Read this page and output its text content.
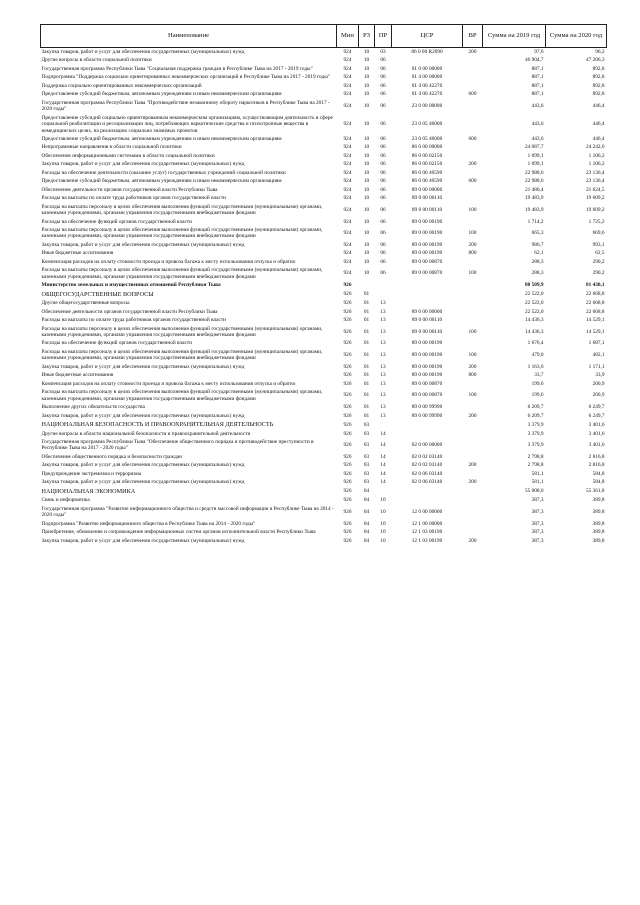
Наименование	Мин	РЗ	ПР	ЦСР	ВР	Сумма на 2019 год	Сумма на 2020 год
Закупка товаров, работ и услуг для обеспечения государственных (муниципальных) нужд	924	10	03	86 0 00 R2090	200	97,6	96,2
Другие вопросы в области социальной политики	924	10	06			46 904,7	47 206,3
Государственная программа Республики Тыва "Социальная поддержка граждан в Республике Тыва на 2017 - 2019 годы"	924	10	06	01 0 00 00000		887,1	892,8
Подпрограмма "Поддержка социально ориентированных некоммерческих организаций в Республике Тыва на 2017 - 2019 годы"	924	10	06	01 4 00 00000		887,1	892,8
Поддержка социально ориентированных некоммерческих организаций	924	10	06	01 4 00 42270		887,1	892,8
Предоставление субсидий бюджетным, автономным учреждениям и иным некоммерческим организациям	924	10	06	01 4 00 42270	600	887,1	892,8
Государственная программа Республики Тыва "Противодействие незаконному обороту наркотиков в Республике Тыва на 2017 - 2020 годы"	924	10	06	23 0 00 00000		443,6	446,4
Предоставление субсидий социально ориентированным некоммерческим организациям, осуществляющим деятельность в сфере социальной реабилитации и ресоциализации лиц, потребляющих наркотические средства и психотропные вещества в немедицинских целях, на реализацию социально значимых проектов	924	10	06	23 0 05 46000		443,6	446,4
Предоставление субсидий бюджетным, автономным учреждениям и иным некоммерческим организациям	924	10	06	23 0 05 46000	600	443,6	446,4
Непрограммные направления в области социальной политики	924	10	06	86 0 00 00000		24 087,7	24 242,6
Обеспечение информационными системами в области социальной политики	924	10	06	86 0 00 02150		1 099,1	1 106,2
Закупка товаров, работ и услуг для обеспечения государственных (муниципальных) нужд	924	10	06	86 0 00 02150	200	1 099,1	1 106,2
Расходы на обеспечение деятельности (оказание услуг) государственных учреждений социальной политики	924	10	06	86 0 00 40590		22 988,6	23 136,4
Предоставление субсидий бюджетным, автономным учреждениям и иным некоммерческим организациям	924	10	06	86 0 00 40590	600	22 988,6	23 136,4
Обеспечение деятельности органов государственной власти Республики Тыва	924	10	06	89 0 00 00000		21 480,4	21 624,5
Расходы на выплаты по оплате труда работников органов государственной власти	924	10	06	89 0 00 00110		19 483,9	19 609,2
Расходы на выплаты персоналу в целях обеспечения выполнения функций государственными (муниципальными) органами, казенными учреждениями, органами управления государственными внебюджетными фондами	924	10	06	89 0 00 00110	100	19 483,9	19 609,2
Расходы на обеспечение функций органов государственной власти	924	10	06	89 0 00 00190		1 714,2	1 725,2
Расходы на выплаты персоналу в целях обеспечения выполнения функций государственными (муниципальными) органами, казенными учреждениями, органами управления государственными внебюджетными фондами	924	10	06	89 0 00 00190	100	665,3	669,6
Закупка товаров, работ и услуг для обеспечения государственных (муниципальных) нужд	924	10	06	89 0 00 00190	200	986,7	993,1
Иные бюджетные ассигнования	924	10	06	89 0 00 00190	800	62,1	62,5
Компенсация расходов на оплату стоимости проезда и провоза багажа к месту использования отпуска и обратно	924	10	06	89 0 00 00870		288,3	290,2
Расходы на выплаты персоналу в целях обеспечения выполнения функций государственными (муниципальными) органами, казенными учреждениями, органами управления государственными внебюджетными фондами	924	10	06	89 0 00 00870	100	288,3	290,2
Министерство земельных и имущественных отношений Республики Тыва	926					80 509,9	81 430,1
ОБЩЕГОСУДАРСТВЕННЫЕ ВОПРОСЫ	926	01				22 522,0	22 668,8
Другие общегосударственные вопросы	926	01	13			22 522,0	22 668,8
Обеспечение деятельности органов государственной власти Республики Тыва	926	01	13	89 0 00 00000		22 522,0	22 668,8
Расходы на выплаты по оплате труда работников органов государственной власти	926	01	13	89 0 00 00110		14 436,3	14 529,1
Расходы на выплаты персоналу в целях обеспечения выполнения функций государственными (муниципальными) органами, казенными учреждениями, органами управления государственными внебюджетными фондами	926	01	13	89 0 00 00110	100	14 436,3	14 529,1
Расходы на обеспечение функций органов государственной власти	926	01	13	89 0 00 00190		1 676,4	1 687,1
Расходы на выплаты персоналу в целях обеспечения выполнения функций государственными (муниципальными) органами, казенными учреждениями, органами управления государственными внебюджетными фондами	926	01	13	89 0 00 00190	100	479,0	482,1
Закупка товаров, работ и услуг для обеспечения государственных (муниципальных) нужд	926	01	13	89 0 00 00190	200	1 163,6	1 171,1
Иные бюджетные ассигнования	926	01	13	89 0 00 00190	800	33,7	33,9
Компенсация расходов на оплату стоимости проезда и провоза багажа к месту использования отпуска и обратно	926	01	13	89 0 00 00870		199,6	200,9
Расходы на выплаты персоналу в целях обеспечения выполнения функций государственными (муниципальными) органами, казенными учреждениями, органами управления государственными внебюджетными фондами	926	01	13	89 0 00 00870	100	199,6	200,9
Выполнение других обязательств государства	926	01	13	89 0 00 99990		6 209,7	6 249,7
Закупка товаров, работ и услуг для обеспечения государственных (муниципальных) нужд	926	01	13	89 0 00 99990	200	6 209,7	6 249,7
НАЦИОНАЛЬНАЯ БЕЗОПАСНОСТЬ И ПРАВООХРАНИТЕЛЬНАЯ ДЕЯТЕЛЬНОСТЬ	926	03				3 379,9	3 401,6
Другие вопросы в области национальной безопасности и правоохранительной деятельности	926	03	14			3 379,9	3 401,6
Государственная программа Республики Тыва "Обеспечение общественного порядка и противодействие преступности в Республике Тыва на 2017 - 2020 годы"	926	03	14	02 0 00 00000		3 379,9	3 401,6
Обеспечение общественного порядка и безопасности граждан	926	03	14	02 0 02 03140		2 798,8	2 816,8
Закупка товаров, работ и услуг для обеспечения государственных (муниципальных) нужд	926	03	14	02 0 02 03140	200	2 798,8	2 816,8
Предупреждение экстремизма и терроризма	926	03	14	02 0 06 03140		581,1	584,8
Закупка товаров, работ и услуг для обеспечения государственных (муниципальных) нужд	926	03	14	02 0 06 03140	200	581,1	584,8
НАЦИОНАЛЬНАЯ ЭКОНОМИКА	926	04				55 008,0	55 361,8
Связь и информатика	926	04	10			387,3	389,8
Государственная программа "Развитие информационного общества и средств массовой информации в Республике Тыва на 2014 - 2020 годы"	926	04	10	12 0 00 00000		387,3	389,8
Подпрограмма "Развитие информационного общества в Республике Тыва на 2014 - 2020 годы"	926	04	10	12 1 00 00000		387,3	389,8
Приобретение, обновление и сопровождение информационных систем органов исполнительной власти Республики Тыва	926	04	10	12 1 03 00190		387,3	389,8
Закупка товаров, работ и услуг для обеспечения государственных (муниципальных) нужд	926	04	10	12 1 03 00190	200	387,3	389,8
